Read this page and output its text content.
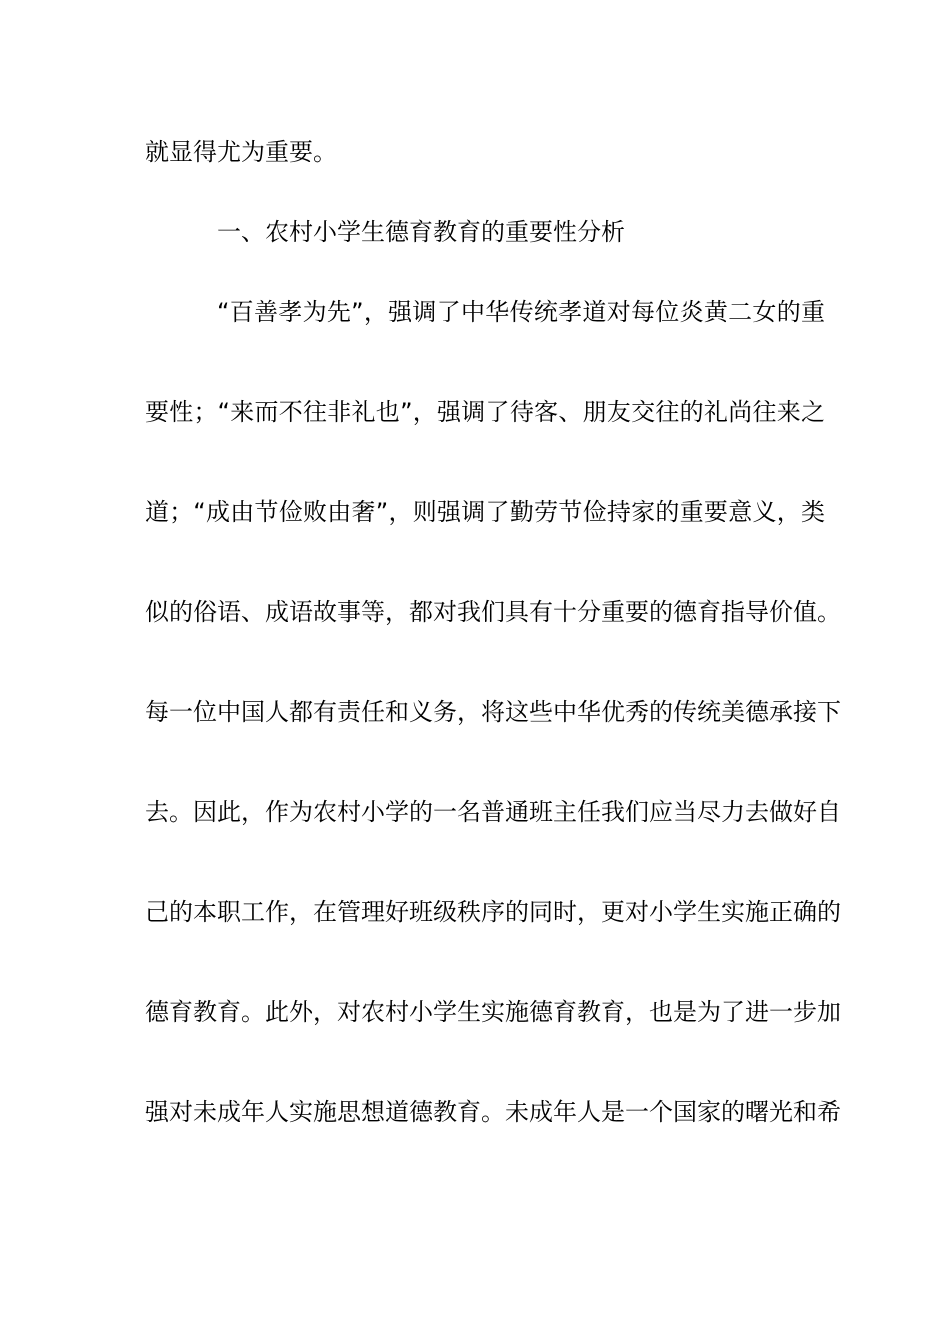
就显得尤为重要。
一、农村小学生德育教育的重要性分析
“百善孝为先”，强调了中华传统孝道对每位炎黄二女的重
要性；“来而不往非礼也”，强调了待客、朋友交往的礼尚往来之
道；“成由节俭败由奢”，则强调了勤劳节俭持家的重要意义，类
似的俗语、成语故事等，都对我们具有十分重要的德育指导价值。
每一位中国人都有责任和义务，将这些中华优秀的传统美德承接下
去。因此，作为农村小学的一名普通班主任我们应当尽力去做好自
己的本职工作，在管理好班级秩序的同时，更对小学生实施正确的
德育教育。此外，对农村小学生实施德育教育，也是为了进一步加
强对未成年人实施思想道德教育。未成年人是一个国家的曙光和希
